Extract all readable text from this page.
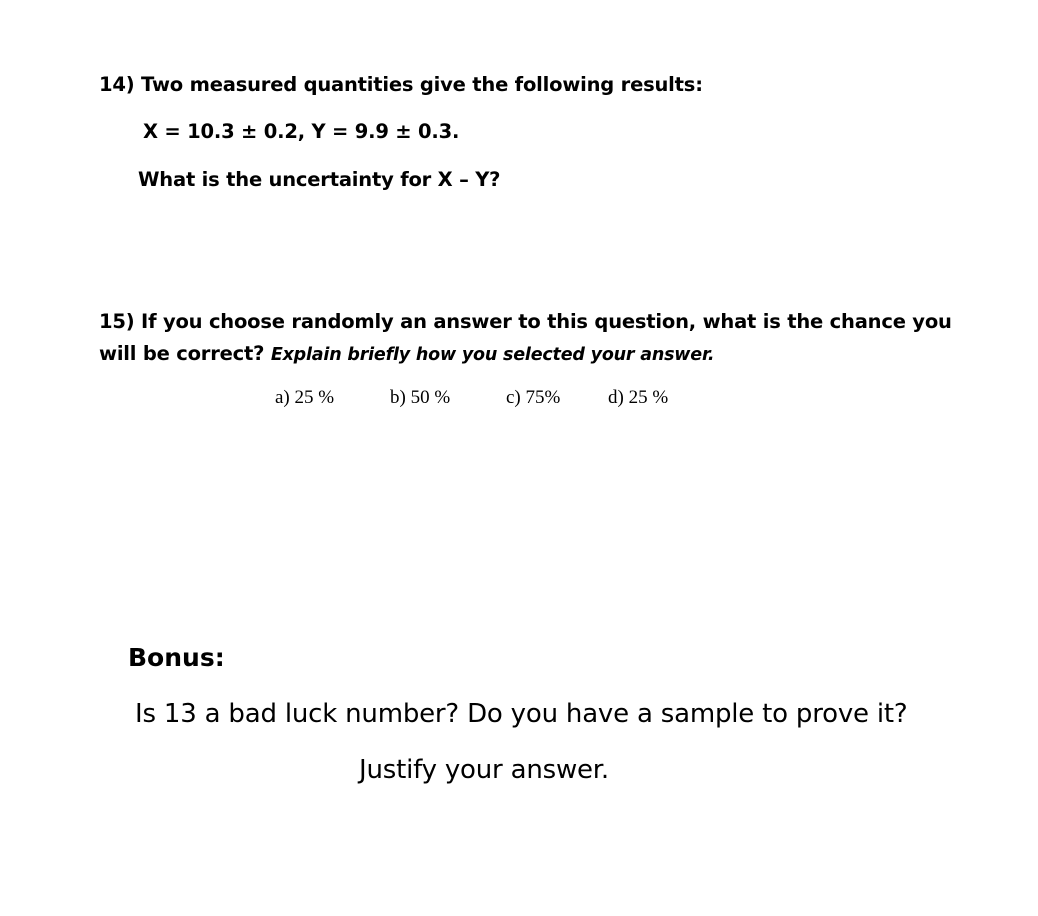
14) Two measured quantities give the following results:
X = 10.3 ± 0.2, Y = 9.9 ± 0.3.
What is the uncertainty for X – Y?
15) If you choose randomly an answer to this question, what is the chance you
will be correct? Explain briefly how you selected your answer.
a) 25 %	b) 50 %	c) 75%	d) 25 %
Bonus:
Is 13 a bad luck number? Do you have a sample to prove it?
Justify your answer.
